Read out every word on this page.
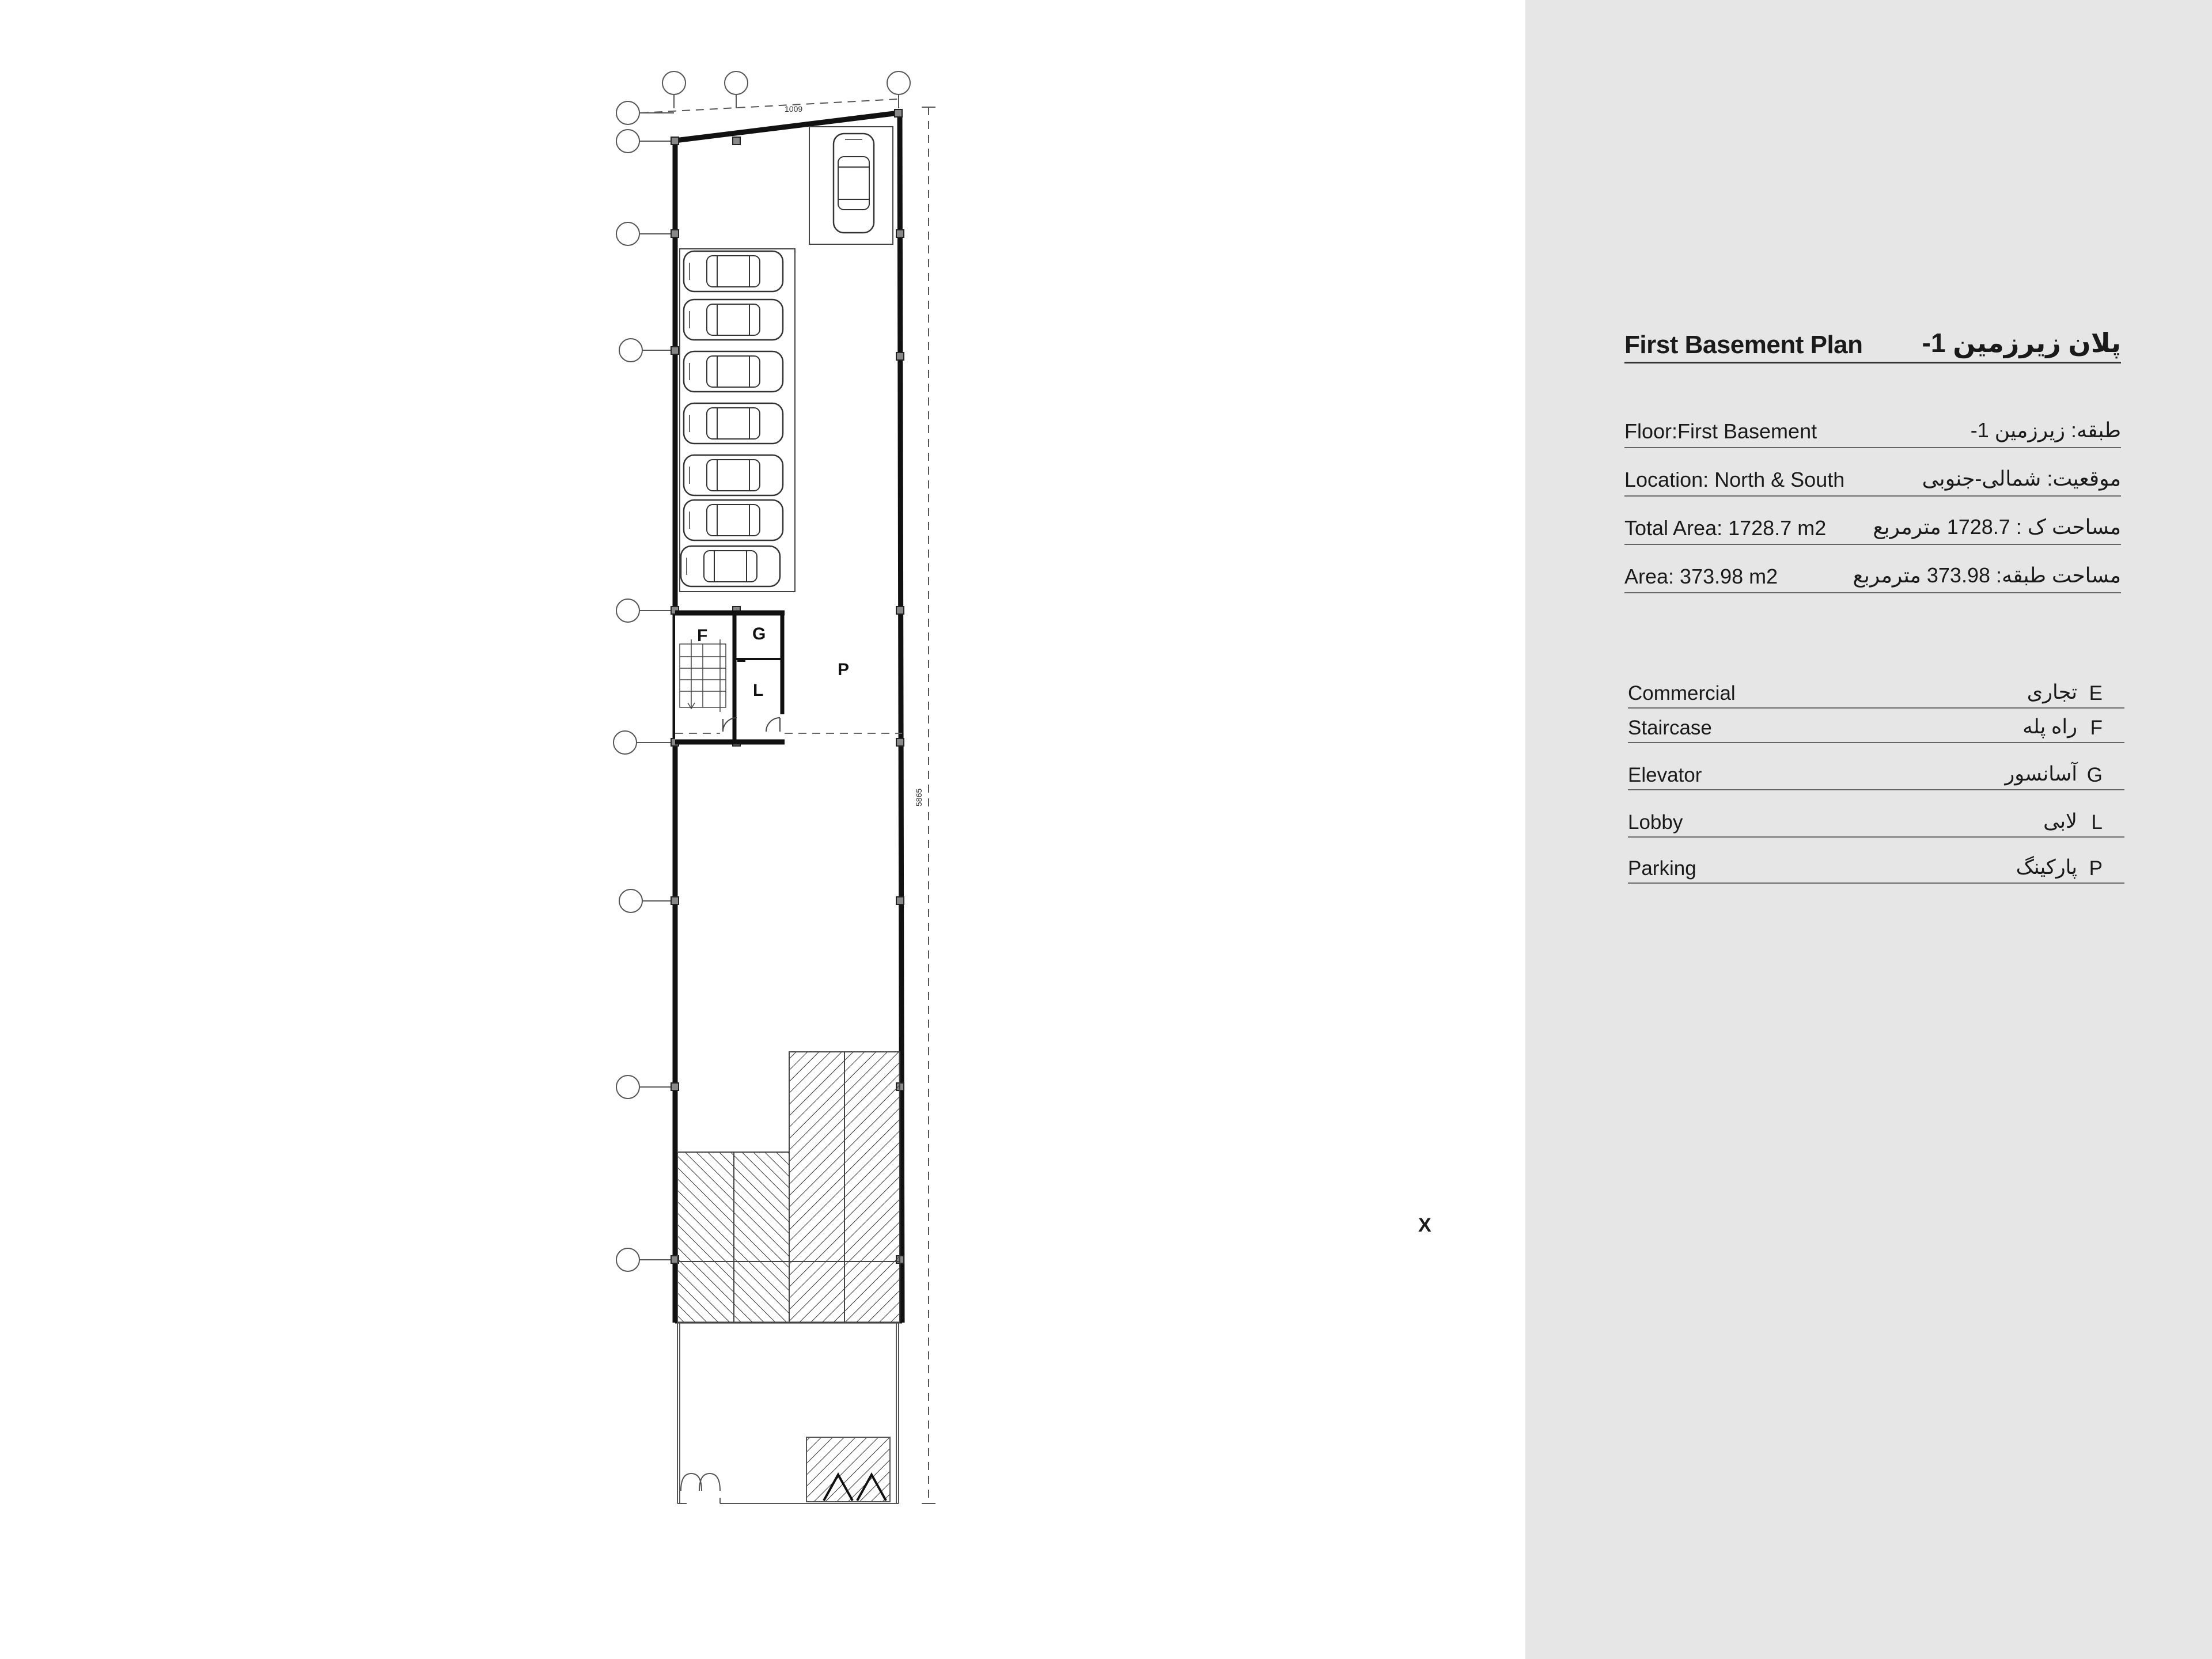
1009
5865
F	G
L
P
X
First Basement Plan پلان زیرزمین 1-
Floor:First Basement	طبقه: زیرزمین 1-
Location: North & South	موقعیت: شمالی-جنوبی
Total Area: 1728.7 m2 مساحت ک : 1728.7 مترمربع
Area: 373.98 m2	مساحت طبقه: 373.98 مترمربع
Commercial	تجاری E
Staircase	راه پله F
Elevator	آسانسور G
Lobby	لابی L
Parking	پارکینگ P
